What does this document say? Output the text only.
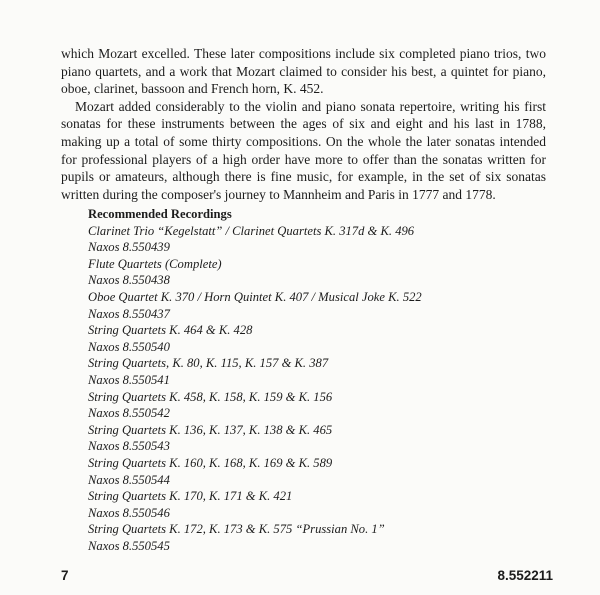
which Mozart excelled. These later compositions include six completed piano trios, two piano quartets, and a work that Mozart claimed to consider his best, a quintet for piano, oboe, clarinet, bassoon and French horn, K. 452.

Mozart added considerably to the violin and piano sonata repertoire, writing his first sonatas for these instruments between the ages of six and eight and his last in 1788, making up a total of some thirty compositions. On the whole the later sonatas intended for professional players of a high order have more to offer than the sonatas written for pupils or amateurs, although there is fine music, for example, in the set of six sonatas written during the composer's journey to Mannheim and Paris in 1777 and 1778.

Recommended Recordings

Clarinet Trio “Kegelstatt” / Clarinet Quartets K. 317d & K. 496
Naxos 8.550439
Flute Quartets (Complete)
Naxos 8.550438
Oboe Quartet K. 370 / Horn Quintet K. 407 / Musical Joke K. 522
Naxos 8.550437
String Quartets K. 464 & K. 428
Naxos 8.550540
String Quartets, K. 80, K. 115, K. 157 & K. 387
Naxos 8.550541
String Quartets K. 458, K. 158, K. 159 & K. 156
Naxos 8.550542
String Quartets K. 136, K. 137, K. 138 & K. 465
Naxos 8.550543
String Quartets K. 160, K. 168, K. 169 & K. 589
Naxos 8.550544
String Quartets K. 170, K. 171 & K. 421
Naxos 8.550546
String Quartets K. 172, K. 173 & K. 575 “Prussian No. 1”
Naxos 8.550545
7	8.552211
